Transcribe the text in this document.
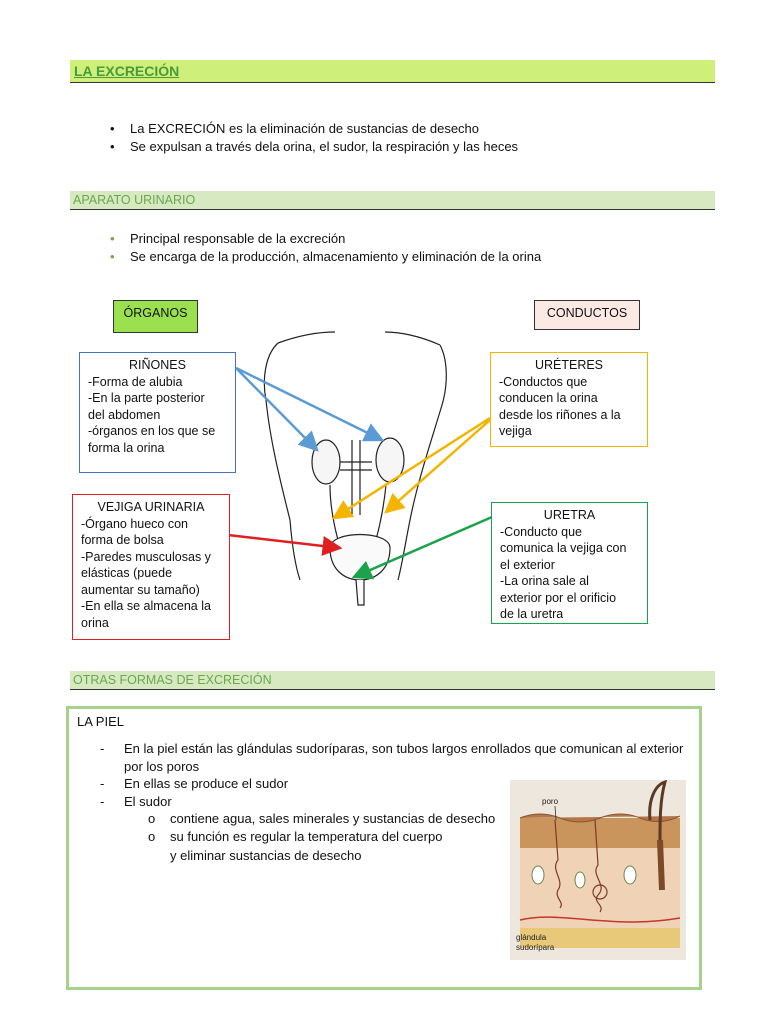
LA EXCRECIÓN
• La EXCRECIÓN es la eliminación de sustancias de desecho
• Se expulsan a través dela orina, el sudor, la respiración y las heces
APARATO URINARIO
• Principal responsable de la excreción
• Se encarga de la producción, almacenamiento y eliminación de la orina
ÓRGANOS	CONDUCTOS
RIÑONES
-Forma de alubia
-En la parte posterior
del abdomen
-órganos en los que se
forma la orina
VEJIGA URINARIA
-Órgano hueco con
forma de bolsa
-Paredes musculosas y
elásticas (puede
aumentar su tamaño)
-En ella se almacena la
orina
URÉTERES
-Conductos que
conducen la orina
desde los riñones a la
vejiga
URETRA
-Conducto que
comunica la vejiga con
el exterior
-La orina sale al
exterior por el orificio
de la uretra
OTRAS FORMAS DE EXCRECIÓN
LA PIEL
- En la piel están las glándulas sudoríparas, son tubos largos enrollados que comunican al exterior
por los poros
- En ellas se produce el sudor
- El sudor
o contiene agua, sales minerales y sustancias de desecho
o su función es regular la temperatura del cuerpo
y eliminar sustancias de desecho
poro
glándula
sudorípara
